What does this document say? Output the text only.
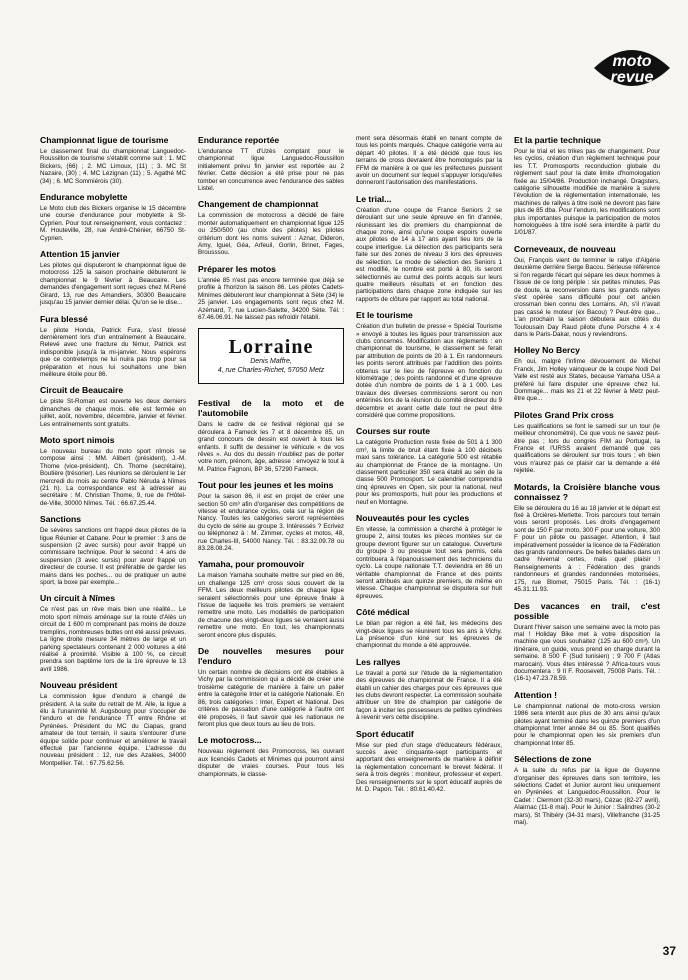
moto
revue
Championnat ligue de tourisme

Le classement final du championnat Languedoc-Roussillon de tourisme s'établit comme suit : 1. MC Bickers, (66) ; 2. MC Limoux, (11) ; 3. MC St Nazaire, (30) ; 4. MC Lézignan (11) ; 5. Agathé MC (34) ; 6. MC Sommiérois (30).

Endurance mobylette

Le Moto club des Bickers organise le 15 décembre une course d'endurance pour mobylette à St-Cyprien. Pour tout renseignement, vous contactez : M. Houteville, 28, rue André-Chénier, 66750 St-Cyprien.

Attention 15 janvier

Les pilotes qui disputeront le championnat ligue de motocross 125 la saison prochaine débuteront le championnat le 9 février à Beaucaire. Les demandes d'engagement sont reçues chez M.René Girard, 13, rue des Amandiers, 30300 Beaucaire jusqu'au 15 janvier dernier délai. Qu'on se le dise...

Fura blessé

Le pilote Honda, Patrick Fura, s'est blessé dernièrement lors d'un entraînement à Beaucaire. Relevé avec une fracture du fémur, Patrick est indisponible jusqu'à la mi-janvier. Nous espérons que ce contretemps ne lui nuira pas trop pour sa préparation et nous lui souhaitons une bien meilleure étoile pour 86.

Circuit de Beaucaire

Le piste St-Roman est ouverte les deux derniers dimanches de chaque mois. elle est fermée en juillet, août, novembre, décembre, janvier et février. Les entraînements sont gratuits.

Moto sport nimois

Le nouveau bureau du moto sport nîmois se compose ainsi : MM. Alibert (président), J.-M. Thome (vice-président), Ch. Thome (secrétaire), Boutière (trésorier). Les réunions se déroulent le 1er mercredi du mois au centre Pablo Néruda à Nîmes (21 h). La correspondance est à adresser au secrétaire : M. Christian Thome, 9, rue de l'Hôtel-de-Ville, 30000 Nîmes. Tél. : 66.67.25.44.

Sanctions

De sévères sanctions ont frappé deux pilotes de la ligue Réunier et Cabane. Pour le premier : 3 ans de suspension (2 avec sursis) pour avoir frappé un commissaire technique. Pour le second : 4 ans de suspension (3 avec sursis) pour avoir frappé un directeur de course. Il est préférable de garder les mains dans les poches... ou de pratiquer un autre sport, la boxe par exemple...

Un circuit à Nîmes

Ce n'est pas un rêve mais bien une réalité... Le moto sport nîmois aménage sur la route d'Alès un circuit de 1 600 m comprenant pas moins de douze tremplins, nombreuses buttes ont été aussi prévues. La ligne droite mesure 34 mètres de large et un parking spectateurs contenant 2 000 voitures a été réalisé à proximité. Visible à 100 %, ce circuit prendra son baptême lors de la 1re épreuve le 13 avril 1986.

Nouveau président

La commission ligue d'enduro a changé de président. A la suite du retrait de M. Alle, la ligue a élu à l'unanimité M. Augsbourg pour s'occuper de l'enduro et de l'endurance TT entre Rhône et Pyrénées. Président du MC du Ciapas, grand amateur de tout terrain, il saura s'entourer d'une équipe solide pour continuer et améliorer le travail effectué par l'ancienne équipe. L'adresse du nouveau président : 12, rue des Azalées, 34000 Montpellier. Tél. : 67.75.62.56.

Endurance reportée

L'endurance TT d'Uzès comptant pour le championnat ligue Languedoc-Roussillon initialement prévu fin janvier est reportée au 2 février. Cette décision a été prise pour ne pas tomber en concurrence avec l'endurance des sables Listel.

Changement de championnat

La commission de motocross a décidé de faire monter automatiquement en championnat ligue 125 ou 250/500 (au choix des pilotes) les pilotes critérium dont les noms suivent : Aznar, Dideron, Amy, Iguel, Géa, Arfeuil, Gorlin, Brinet, Fages, Brousssou.

Préparer les motos

L'année 85 n'est pas encore terminée que déjà se profile à l'horizon la saison 86. Les pilotes Cadets-Minimes débuteront leur championnat à Sète (34) le 25 janvier. Les engagements sont reçus chez M. Azémard, 7, rue Lucien-Salette, 34200 Sète. Tél. : 67.46.06.91. Ne laissez pas refroidir l'établi.

Lorraine
Denis Maffre,
4, rue Charles-Richet, 57050 Metz
Festival de la moto et de l'automobile

Dans le cadre de ce festival régional qui se déroulera à Fameck les 7 et 8 décembre 85, un grand concours de dessin est ouvert à tous les enfants. Il suffit de dessiner le véhicule « de vos rêves ». Au dos du dessin n'oubliez pas de porter votre nom, prénom, âge, adresse : envoyez le tout à M. Patrice Fagnoni, BP 36, 57290 Fameck.

Tout pour les jeunes et les moins

Pour la saison 86, il est en projet de créer une section 50 cm³ afin d'organiser des compétitions de vitesse et endurance cyclos, cela sur la région de Nancy. Toutes les catégories seront représentées du cyclo de série au groupe 3. Intéressés ? Ecrivez ou téléphonez à : M. Zimmer, cycles et motos, 48, rue Charles-III, 54000 Nancy. Tél. : 83.32.09.78 ou 83.28.08.24.

Yamaha, pour promouvoir

La maison Yamaha souhaite mettre sur pied en 86, un challenge 125 cm³ cross sous couvert de la FFM. Les deux meilleurs pilotes de chaque ligue seraient sélectionnés pour une épreuve finale à l'issue de laquelle les trois premiers se verraient remettre une moto. Les modalités de participation de chacune des vingt-deux ligues se verraient aussi remettre une moto. En tout, les championnats seront encore plus disputés.

De nouvelles mesures pour l'enduro

Un certain nombre de décisions ont été établies à Vichy par la commission qui a décidé de créer une troisième catégorie de manière à faire un palier entre la catégorie Inter et la catégorie Nationale. En 86, trois catégories : Inter, Expert et National. Des critères de passation d'une catégorie à l'autre ont été proposés, il faut savoir que les nationaux ne feront plus que deux tours au lieu de trois.

Le motocross...

Nouveau règlement des Promocross, les ouvrant aux licenciés Cadets et Minimes qui pourront ainsi disputer de vraies courses. Pour tous les championnats, le classe-

ment sera désormais établi en tenant compte de tous les points marqués. Chaque catégorie verra au départ 40 pilotes. Il a été décidé que tous les terrains de cross devraient être homologués par la FFM de manière à ce que les préfectures puissent avoir un document sur lequel s'appuyer lorsqu'elles donneront l'autorisation des manifestations.

Le trial...

Création d'une coupe de France Seniors 2 se déroulant sur une seule épreuve en fin d'année, réunissant les dix premiers du championnat de chaque zone, ainsi qu'une coupe espoirs ouverte aux pilotes de 14 à 17 ans ayant lieu lors de la coupe interligue. La détection des participants sera faite sur des zones de niveau 3 lors des épreuves de sélection. Le mode de sélection des Seniors 1 est modifié, le nombre est porté à 80, ils seront sélectionnés au cumul des points acquis sur leurs quatre meilleurs résultats et en fonction des participations dans chaque zone indiquée sur les rapports de clôture par rapport au total national.

Et le tourisme

Création d'un bulletin de presse « Spécial Tourisme » envoyé à toutes les ligues pour transmission aux clubs concernés. Modification aux règlements : en championnat de tourisme, le classement se ferait par attribution de points de 20 à 1. En randonneurs les points seront attribués par l'addition des points obtenus sur le lieu de l'épreuve en fonction du kilométrage ; des points randonné et d'une épreuve dotée d'un nombre de points de 1 à 1 000. Les travaux des diverses commissions seront ou non entérinés lors de la réunion du comité directeur du 9 décembre et avant cette date tout ne peut être considéré que comme propositions.

Courses sur route

La catégorie Production reste fixée de 501 à 1 300 cm³, la limite de bruit étant fixée à 100 décibels maxi sans tolérance. La catégorie 500 est rétablie au championnat de France de la montagne. Un classement particulier 350 sera établi au sein de la classe 500 Promosport. Le calendrier comprendra cinq épreuves en Open, six pour la national, neuf pour les promosports, huit pour les productions et neuf en Montagne.

Nouveautés pour les cycles

En vitesse, la commission a cherché à protéger le groupe 2, ainsi toutes les pièces montées sur ce groupe devront figurer sur un catalogue. Ouverture du groupe 3 ou presque tout sera permis, cela contribuera à l'épanouissement des techniciens du cyclo. La coupe nationale T.T. deviendra en 86 un véritable championnat de France et des points seront attribués aux quinze premiers, de même en vitesse. Chaque championnat se disputera sur huit épreuves.

Côté médical

Le bilan par région a été fait, les médecins des vingt-deux ligues se réunirent tous les ans à Vichy. La présence d'un kiné sur les épreuves de championnat du monde a été approuvée.

Les rallyes

Le travail a porté sur l'étude de la réglementation des épreuves de championnat de France. Il a été établi un cahier des charges pour ces épreuves que les clubs devront respecter. La commission souhaite attribuer un titre de champion par catégorie de façon à inciter les possesseurs de petites cylindrées à revenir vers cette discipline.

Sport éducatif

Mise sur pied d'un stage d'éducateurs fédéraux, succès avec cinquante-sept participants et apportant des enseignements de manière à définir la réglementation concernant le brevet fédéral. Il sera à trois degrés : moniteur, professeur et expert. Des renseignements sur le sport éducatif auprès de M. D. Papon. Tél. : 80.61.40.42.

Et la partie technique

Pour le trial et les trikes pas de changement. Pour les cyclos, création d'un règlement technique pour les T.T. Promosports reconduction globale du règlement sauf pour la date limite d'homologation fixée au 15/04/86. Production inchangé. Dragsters, catégorie silhouette modifiée de manière à suivre l'évolution de la réglementation internationale, les machines de rallyes à titre isolé ne devront pas faire plus de 85 dba. Pour l'enduro, les modifications sont plus importantes puisque la participation de motos homologuées à titre isolé sera interdite à partir du 1/01/87.

Corneveaux, de nouveau

Oui, François vient de terminer le rallye d'Algérie deuxième derrière Serge Bacou. Sérieuse référence si l'on regarde l'écart qui sépare les deux hommes à l'issue de ce long périple : six petites minutes. Pas de doute, la reconversion dans les grands rallyes s'est opérée sans difficulté pour cet ancien crossman bien connu des Lorrains. Ah, s'il n'avait pas cassé le moteur (ex Bacou) ? Peut-être que... L'an prochain la saison débutera aux côtés du Toulousain Day Raud pilote d'une Porsche 4 x 4 dans le Paris-Dakar, nous y reviendrons.

Holley No Bercy

Eh oui, malgré l'infime dévouement de Michel Franck, Jim Holley vainqueur de la coupe Nodi Del Valle est resté aux States, because Yamaha USA a préféré lui faire disputer une épreuve chez lui. Dommage... mais les 21 et 22 février à Metz peut-être que...

Pilotes Grand Prix cross

Les qualifications se font le samedi sur un tour (le meilleur chronométré). Ce que vous ne savez peut-être pas ; lors du congrès FIM au Portugal, la France et l'URSS avaient demandé que ces qualifications se déroulent sur trois tours ; eh bien vous n'aurez pas ce plaisir car la demande a été rejetée.

Motards, la Croisière blanche vous connaissez ?

Elle se déroulera du 16 au 18 janvier et le départ est fixé à Orcières-Merlette. Trois parcours tout terrain vous seront proposés. Les droits d'engagement sont de 150 F par moto, 300 F pour une voiture, 300 F pour un pilote ou passager. Attention, il faut impérativement posséder la licence de la Fédération des grands randonneurs. De belles balades dans un cadre hivernal certes, mais quel plaisir ! Renseignements à : Fédération des grands randonneurs et grandes randonnées motorisées, 175, rue Blomet, 75015 Paris. Tél. : (16-1) 45.31.11.93.

Des vacances en trail, c'est possible

Durant l'hiver saison une semaine avec la moto pas mal ! Holiday Bike met à votre disposition la machine que vous souhaitez (125 au 600 cm³). Un itinéraire, un guide, vous prend en charge durant la semaine. 8 500 F (Sud tunisien) ; 9 700 F (Atlas marocain). Vous êtes intéressé ? Africa-tours vous documentera : 9 Il F. Roosevelt, 75008 Paris. Tél. : (16-1) 47.23.78.59.

Attention !

Le championnat national de moto-cross version 1986 sera interdit aux plus de 30 ans ainsi qu'aux pilotes ayant terminé dans les quinze premiers d'un championnat Inter année 84 ou 85. Sont qualifiés pour le championnat open les six premiers d'un championnat Inter 85.

Sélections de zone

A la suite du refus par la ligue de Guyenne d'organiser des épreuves dans son territoire, les sélections Cadet et Junior auront lieu uniquement en Pyrénées et Languedoc-Roussillon. Pour le Cadet : Clermont (32-30 mars), Cézac (82-27 avril), Alairnac (11-8 mai). Pour le Junior : Salindres (30-2 mars), St Thibéry (34-31 mars), Villefranche (31-25 mai).

37
